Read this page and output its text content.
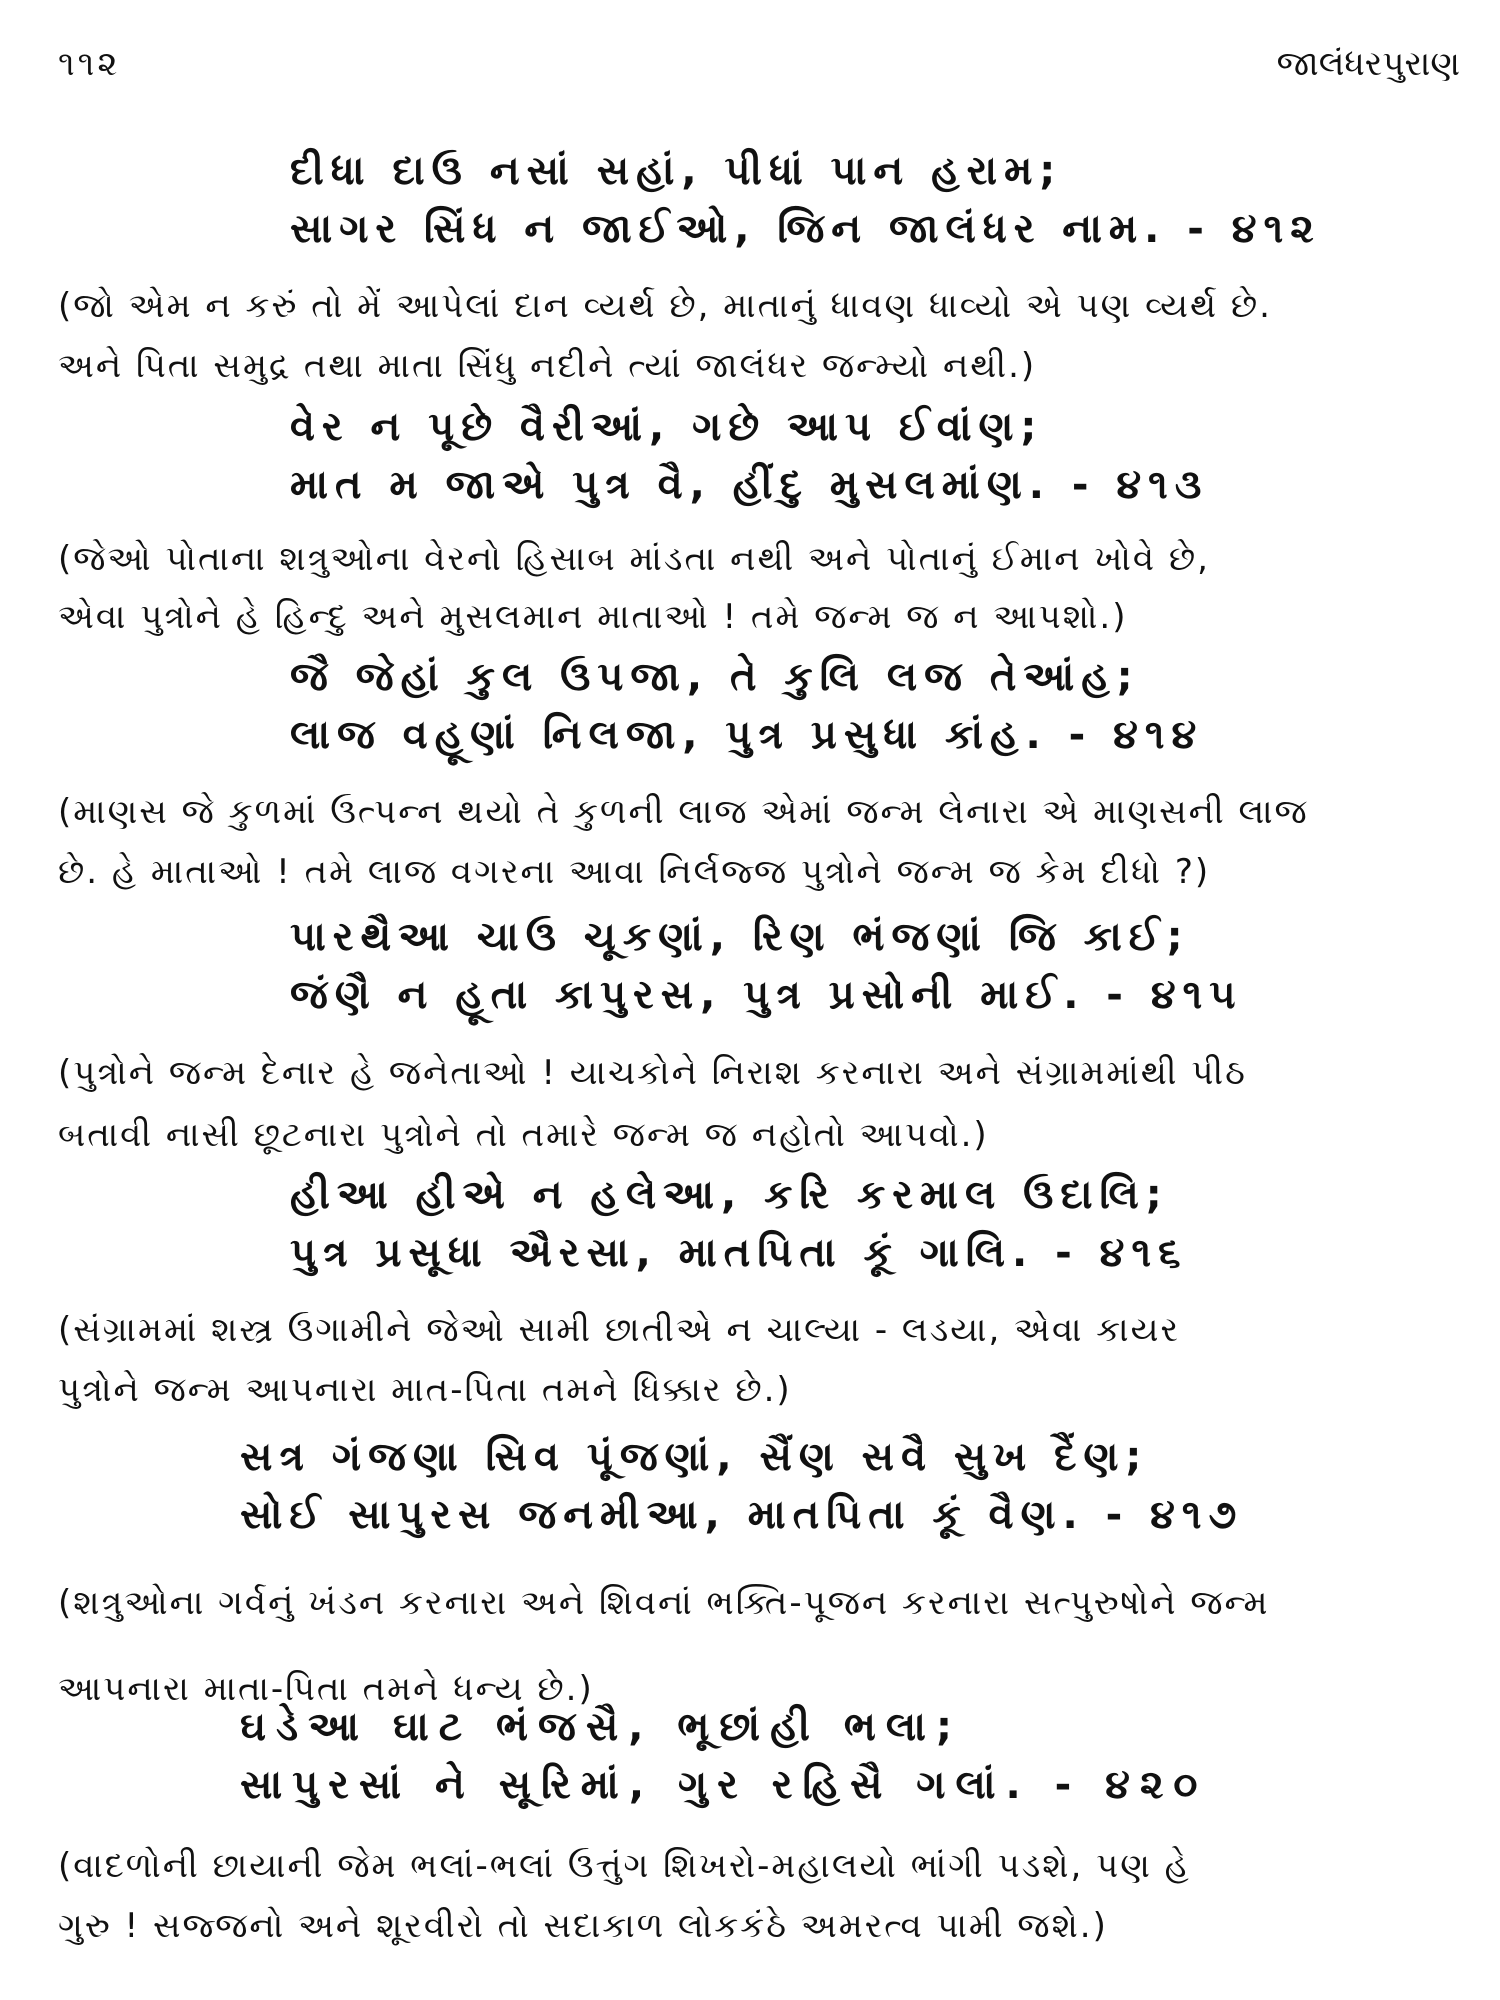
૧૧૨	જાલંધરપુરાણ
દીધા દાઉ નસાં સહાં, પીધાં પાન હરામ;
સાગર સિંધ ન જાઈઓ, જિન જાલંધર નામ. - ૪૧૨
(જો એમ ન કરું તો મેં આપેલાં દાન વ્યર્થ છે, માતાનું ધાવણ ધાવ્યો એ પણ વ્યર્થ છે.
અને પિતા સમુદ્ર તથા માતા સિંધુ નદીને ત્યાં જાલંધર જન્મ્યો નથી.)
વેર ન પૂછે વૈરીઆં, ગછે આપ ઈવાંણ;
માત મ જાએ પુત્ર વૈ, હીંદુ મુસલમાંણ. - ૪૧૩
(જેઓ પોતાના શત્રુઓના વેરનો હિસાબ માંડતા નથી અને પોતાનું ઈમાન ખોવે છે,
એવા પુત્રોને હે હિન્દુ અને મુસલમાન માતાઓ ! તમે જન્મ જ ન આપશો.)
જૈ જેહાં કુલ ઉપજા, તે કુલિ લજ તેઆંહ;
લાજ વહૂણાં નિલજા, પુત્ર પ્રસુધા કાંહ. - ૪૧૪
(માણસ જે કુળમાં ઉત્પન્ન થયો તે કુળની લાજ એમાં જન્મ લેનારા એ માણસની લાજ
છે. હે માતાઓ ! તમે લાજ વગરના આવા નિર્લજ્જ પુત્રોને જન્મ જ કેમ દીધો ?)
પારથૈઆ ચાઉ ચૂકણાં, રિણ ભંજણાં જિ કાઈ;
જંણૈ ન હૂતા કાપુરસ, પુત્ર પ્રસોની માઈ. - ૪૧૫
(પુત્રોને જન્મ દેનાર હે જનેતાઓ ! યાચકોને નિરાશ કરનારા અને સંગ્રામમાંથી પીઠ
બતાવી નાસી છૂટનારા પુત્રોને તો તમારે જન્મ જ નહોતો આપવો.)
હીઆ હીએ ન હલેઆ, કરિ કરમાલ ઉદાલિ;
પુત્ર પ્રસૂધા ઐરસા, માતપિતા કૂં ગાલિ. - ૪૧૬
(સંગ્રામમાં શસ્ત્ર ઉગામીને જેઓ સામી છાતીએ ન ચાલ્યા - લડયા, એવા કાયર
પુત્રોને જન્મ આપનારા માત-પિતા તમને ધિક્કાર છે.)
સત્ર ગંજણા સિવ પૂંજણાં, સૈંણ સવૈ સુખ દૈંણ;
સોઈ સાપુરસ જનમીઆ, માતપિતા કૂં વૈણ. - ૪૧૭
(શત્રુઓના ગર્વનું ખંડન કરનારા અને શિવનાં ભક્તિ-પૂજન કરનારા સત્પુરુષોને જન્મ
આપનારા માતા-પિતા તમને ધન્ય છે.)
ઘડેઆ ઘાટ ભંજસૈ, ભૂછાંહી ભલા;
સાપુરસાં ને સૂરિમાં, ગુર રહિસૈ ગલાં. - ૪૨૦
(વાદળોની છાયાની જેમ ભલાં-ભલાં ઉત્તુંગ શિખરો-મહાલયો ભાંગી પડશે, પણ હે
ગુરુ ! સજ્જનો અને શૂરવીરો તો સદાકાળ લોકકંઠે અમરત્વ પામી જશે.)
